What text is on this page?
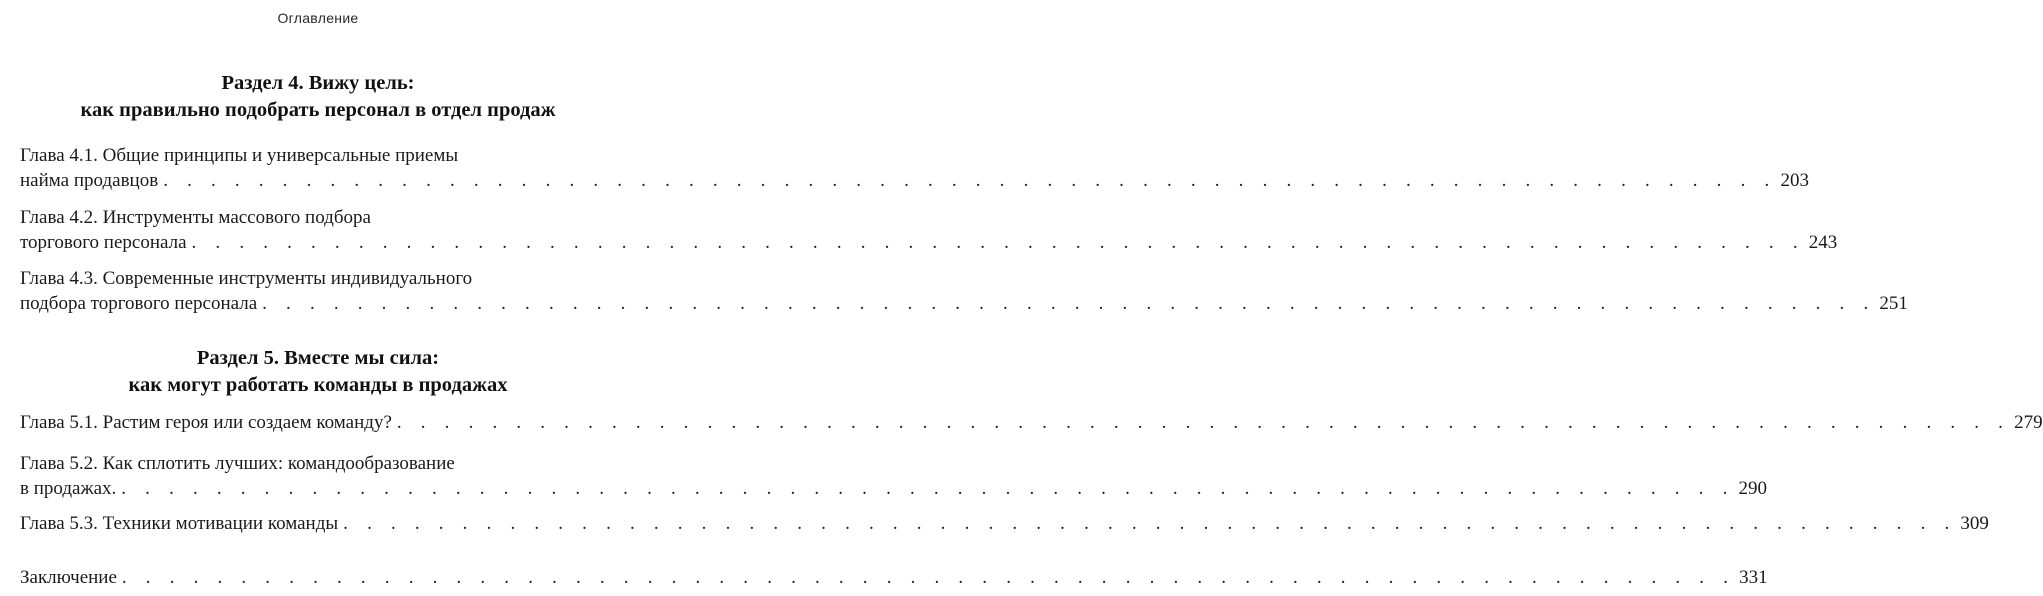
Оглавление
Раздел 4. Вижу цель:
как правильно подобрать персонал в отдел продаж
Глава 4.1. Общие принципы и универсальные приемы
найма продавцов . . . . . . . . . . . . . . . . . . . . . . . . . . . . . . . . . . . . . . . . . . . . . . . . . . . . . . . . . . . . . . . . . . . . 203
Глава 4.2. Инструменты массового подбора
торгового персонала . . . . . . . . . . . . . . . . . . . . . . . . . . . . . . . . . . . . . . . . . . . . . . . . . . . . . . . . . . . . . . . . . . . . 243
Глава 4.3. Современные инструменты индивидуального
подбора торгового персонала . . . . . . . . . . . . . . . . . . . . . . . . . . . . . . . . . . . . . . . . . . . . . . . . . . . . . . . . . . . . . . . . . . . . 251
Раздел 5. Вместе мы сила:
как могут работать команды в продажах
Глава 5.1. Растим героя или создаем команду? . . . . . . . . . . . . . . . . . . . . . . . . . . . . . . . . . . . . . . . . . . . . . . . . . . . . . . . . . . . . . . . . . . . . 279
Глава 5.2. Как сплотить лучших: командообразование
в продажах. . . . . . . . . . . . . . . . . . . . . . . . . . . . . . . . . . . . . . . . . . . . . . . . . . . . . . . . . . . . . . . . . . . . . 290
Глава 5.3. Техники мотивации команды . . . . . . . . . . . . . . . . . . . . . . . . . . . . . . . . . . . . . . . . . . . . . . . . . . . . . . . . . . . . . . . . . . . . 309
Заключение . . . . . . . . . . . . . . . . . . . . . . . . . . . . . . . . . . . . . . . . . . . . . . . . . . . . . . . . . . . . . . . . . . . . 331
